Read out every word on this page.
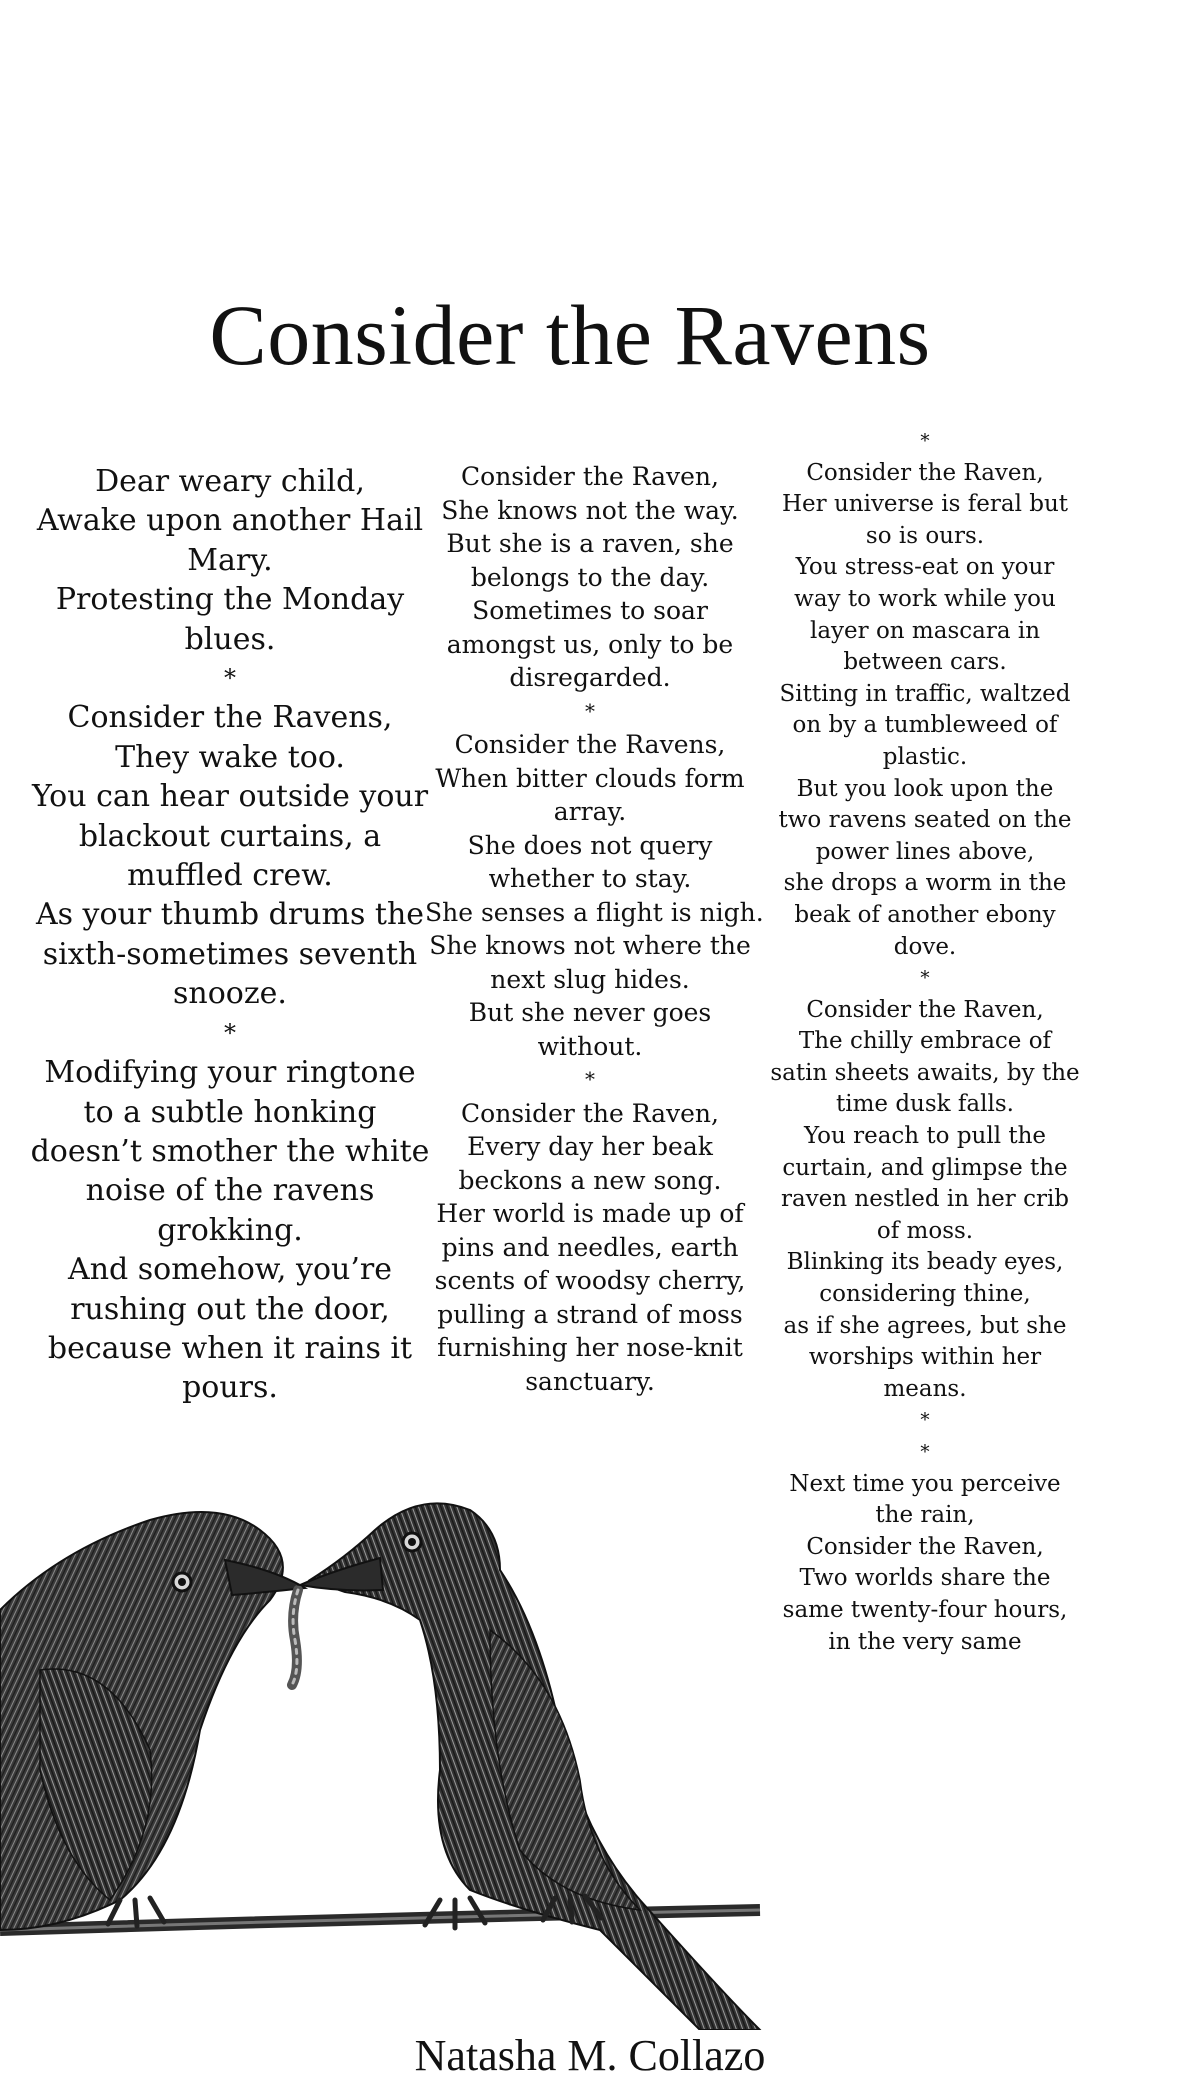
Consider the Ravens
Dear weary child,
Awake upon another Hail
Mary.
Protesting the Monday
blues.
*
Consider the Ravens,
They wake too.
You can hear outside your
blackout curtains, a
muffled crew.
As your thumb drums the
sixth-sometimes seventh
snooze.
*
Modifying your ringtone
to a subtle honking
doesn’t smother the white
noise of the ravens
grokking.
And somehow, you’re
rushing out the door,
because when it rains it
pours.
Consider the Raven,
She knows not the way.
But she is a raven, she
belongs to the day.
Sometimes to soar
amongst us, only to be
disregarded.
*
Consider the Ravens,
When bitter clouds form
array.
She does not query
whether to stay.
She senses a flight is nigh.
She knows not where the
next slug hides.
But she never goes
without.
*
Consider the Raven,
Every day her beak
beckons a new song.
Her world is made up of
pins and needles, earth
scents of woodsy cherry,
pulling a strand of moss
furnishing her nose-knit
sanctuary.
*
Consider the Raven,
Her universe is feral but
so is ours.
You stress-eat on your
way to work while you
layer on mascara in
between cars.
Sitting in traffic, waltzed
on by a tumbleweed of
plastic.
But you look upon the
two ravens seated on the
power lines above,
she drops a worm in the
beak of another ebony
dove.
*
Consider the Raven,
The chilly embrace of
satin sheets awaits, by the
time dusk falls.
You reach to pull the
curtain, and glimpse the
raven nestled in her crib
of moss.
Blinking its beady eyes,
considering thine,
as if she agrees, but she
worships within her
means.
*
*
Next time you perceive
the rain,
Consider the Raven,
Two worlds share the
same twenty-four hours,
in the very same
Natasha M. Collazo
